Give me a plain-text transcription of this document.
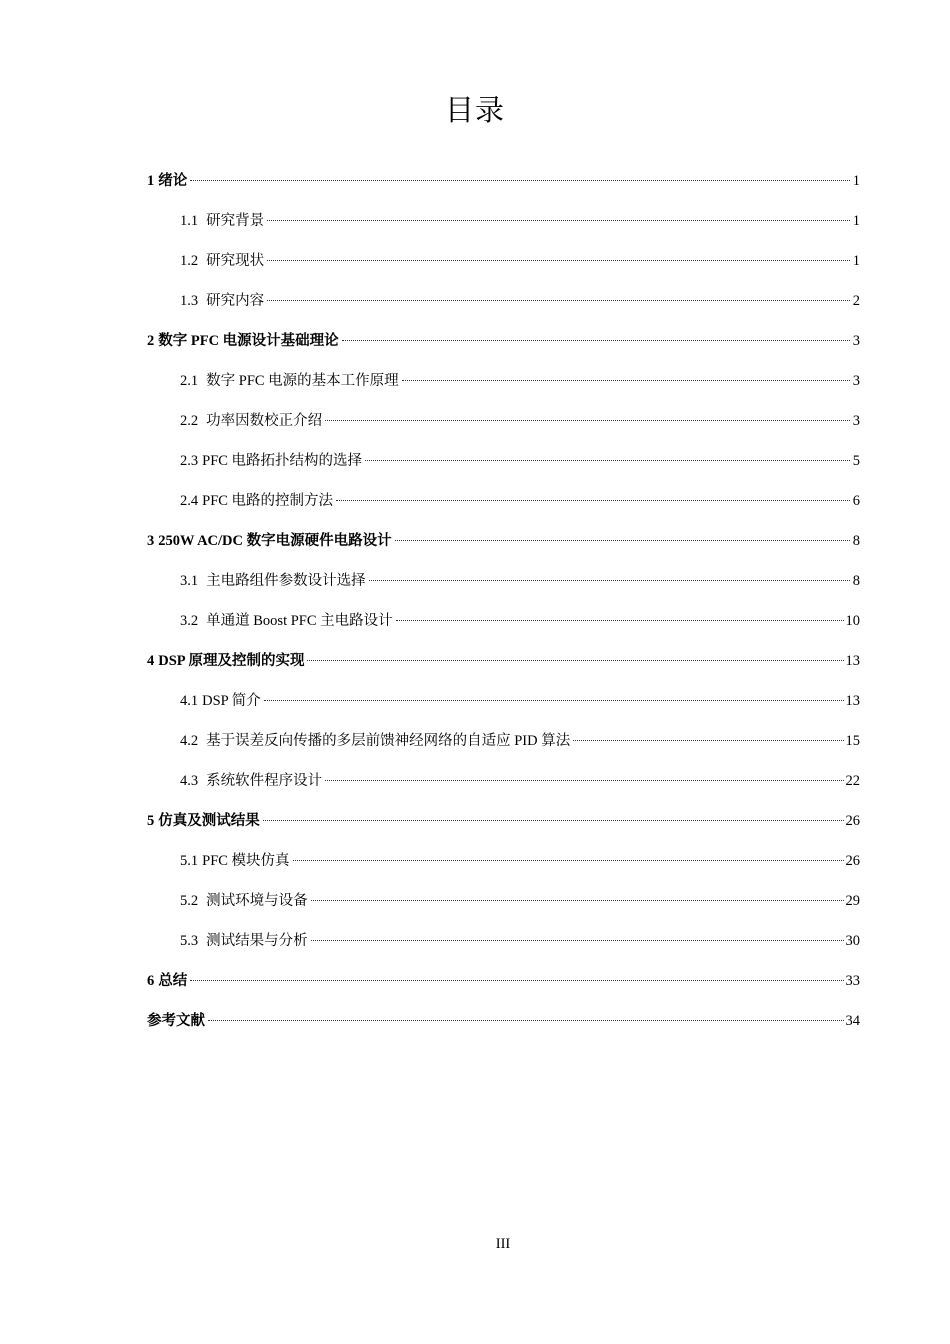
目录
1 绪论	1
1.1 研究背景	1
1.2 研究现状	1
1.3 研究内容	2
2 数字 PFC 电源设计基础理论	3
2.1 数字 PFC 电源的基本工作原理	3
2.2 功率因数校正介绍	3
2.3 PFC 电路拓扑结构的选择	5
2.4 PFC 电路的控制方法	6
3 250W AC/DC 数字电源硬件电路设计	8
3.1 主电路组件参数设计选择	8
3.2 单通道 Boost PFC 主电路设计	10
4 DSP 原理及控制的实现	13
4.1 DSP 简介	13
4.2 基于误差反向传播的多层前馈神经网络的自适应 PID 算法	15
4.3 系统软件程序设计	22
5 仿真及测试结果	26
5.1 PFC 模块仿真	26
5.2 测试环境与设备	29
5.3 测试结果与分析	30
6 总结	33
参考文献	34
III
